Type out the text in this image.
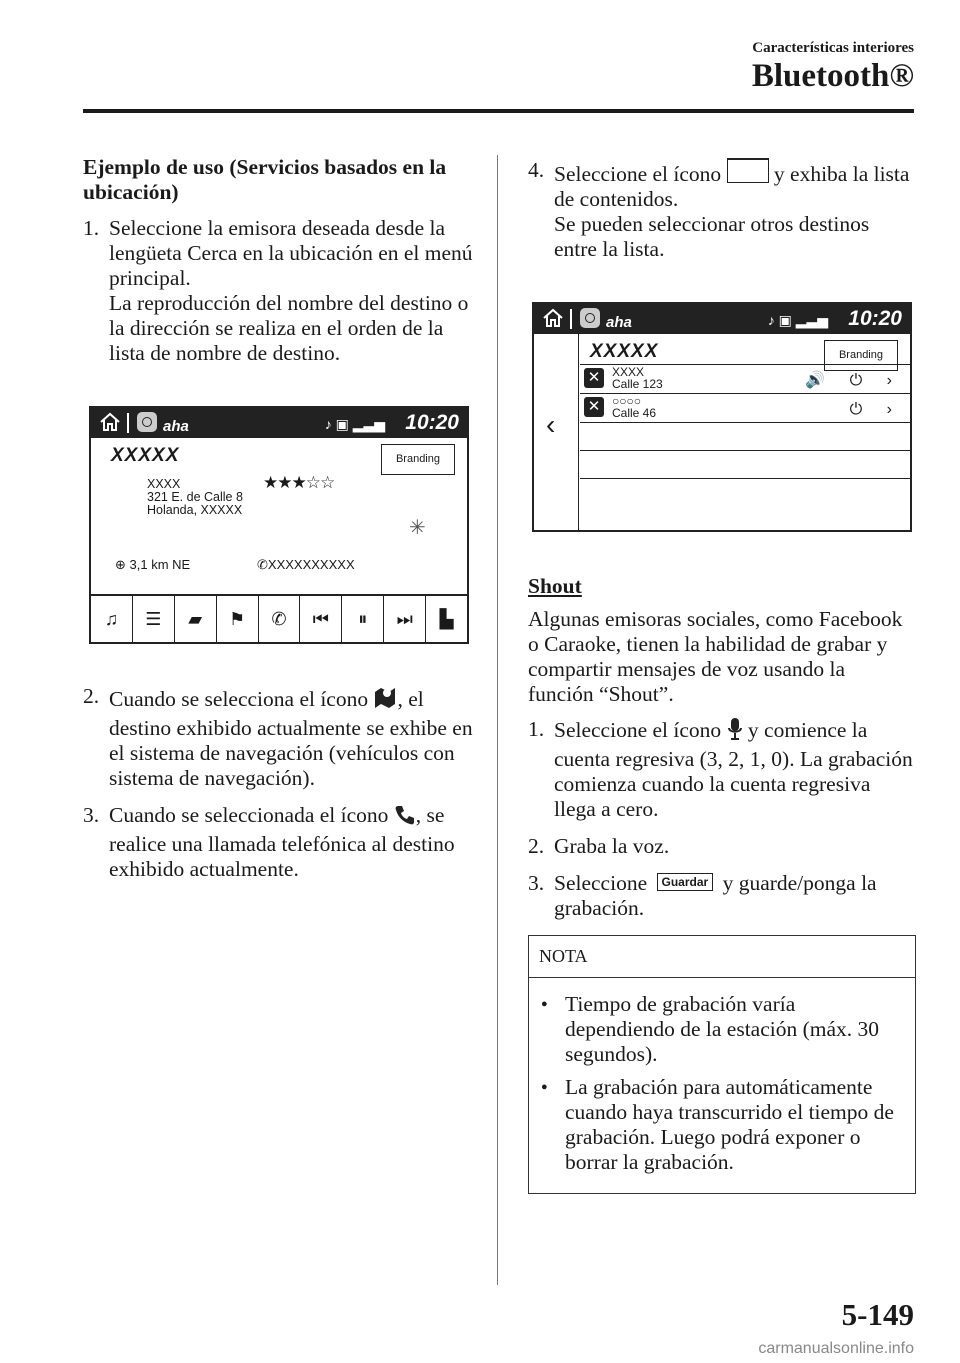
Características interiores
Bluetooth®
Ejemplo de uso (Servicios basados en la ubicación)
1. Seleccione la emisora deseada desde la lengüeta Cerca en la ubicación en el menú principal.
La reproducción del nombre del destino o la dirección se realiza en el orden de la lista de nombre de destino.
aha	♪ ▣ ▂▃▅ 10:20
XXXXX	Branding
XXXX
321 E. de Calle 8
Holanda, XXXXX
★★★☆☆
✳
⊕ 3,1 km NE	✆XXXXXXXXXX
♫	☰	▰	⚑	✆	⏮	⏸	⏭	▙
2. Cuando se selecciona el ícono , el destino exhibido actualmente se exhibe en el sistema de navegación (vehículos con sistema de navegación).
3. Cuando se seleccionada el ícono , se realice una llamada telefónica al destino exhibido actualmente.
4. Seleccione el ícono y exhiba la lista de contenidos.
Se pueden seleccionar otros destinos entre la lista.
aha	♪ ▣ ▂▃▅ 10:20
‹
XXXXX	Branding
✕ XXXX
Calle 123	🔊 ⏻ ›
✕ ○○○○
Calle 46	⏻ ›
Shout
Algunas emisoras sociales, como Facebook o Caraoke, tienen la habilidad de grabar y compartir mensajes de voz usando la función “Shout”.
1. Seleccione el ícono y comience la cuenta regresiva (3, 2, 1, 0). La grabación comienza cuando la cuenta regresiva llega a cero.
2. Graba la voz.
3. Seleccione Guardar y guarde/ponga la grabación.
NOTA
● Tiempo de grabación varía dependiendo de la estación (máx. 30 segundos).
● La grabación para automáticamente cuando haya transcurrido el tiempo de grabación. Luego podrá exponer o borrar la grabación.
5-149
carmanualsonline.info
